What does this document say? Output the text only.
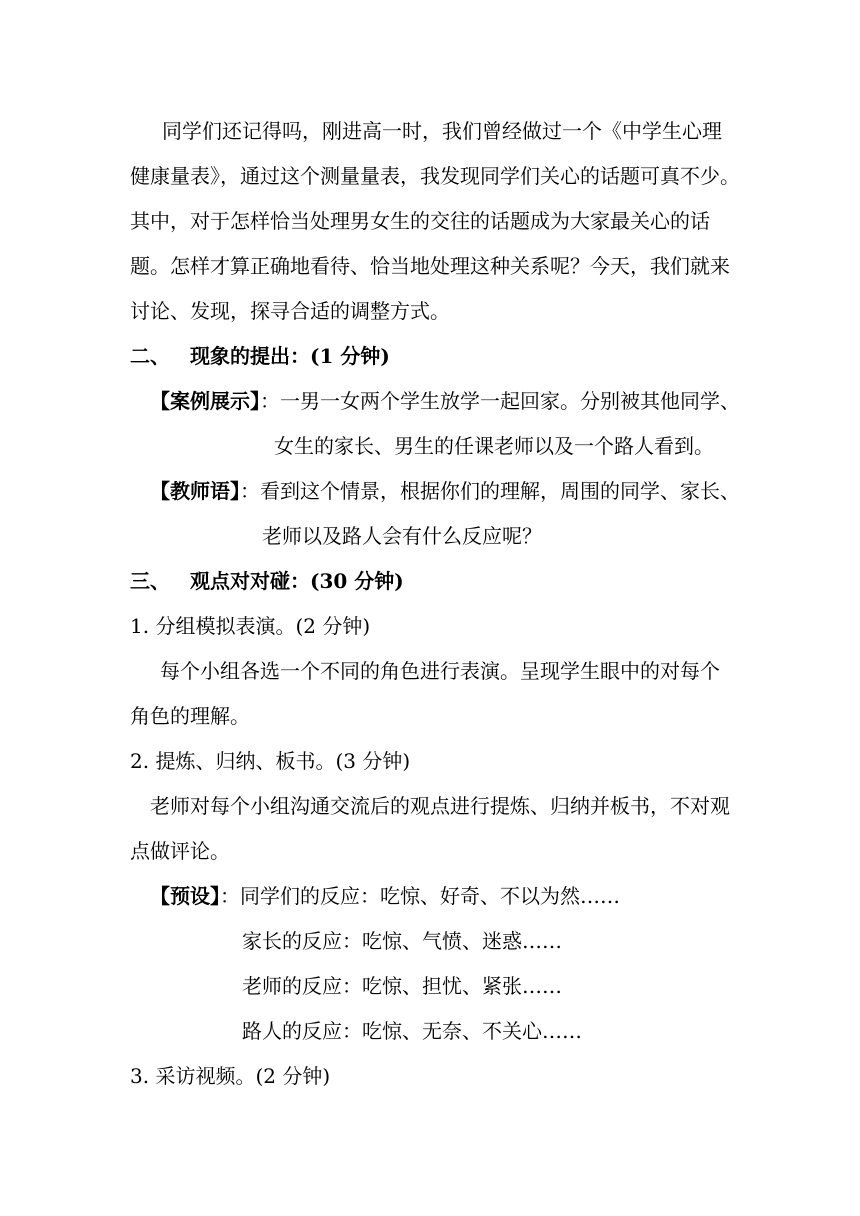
同学们还记得吗，刚进高一时，我们曾经做过一个《中学生心理
健康量表》，通过这个测量量表，我发现同学们关心的话题可真不少。
其中，对于怎样恰当处理男女生的交往的话题成为大家最关心的话
题。怎样才算正确地看待、恰当地处理这种关系呢？今天，我们就来
讨论、发现，探寻合适的调整方式。
二、 现象的提出：(1 分钟)
【案例展示】：一男一女两个学生放学一起回家。分别被其他同学、
女生的家长、男生的任课老师以及一个路人看到。
【教师语】：看到这个情景，根据你们的理解，周围的同学、家长、
老师以及路人会有什么反应呢？
三、 观点对对碰：(30 分钟)
1. 分组模拟表演。(2 分钟)
每个小组各选一个不同的角色进行表演。呈现学生眼中的对每个
角色的理解。
2. 提炼、归纳、板书。(3 分钟)
老师对每个小组沟通交流后的观点进行提炼、归纳并板书，不对观
点做评论。
【预设】：同学们的反应：吃惊、好奇、不以为然……
家长的反应：吃惊、气愤、迷惑……
老师的反应：吃惊、担忧、紧张……
路人的反应：吃惊、无奈、不关心……
3. 采访视频。(2 分钟)
